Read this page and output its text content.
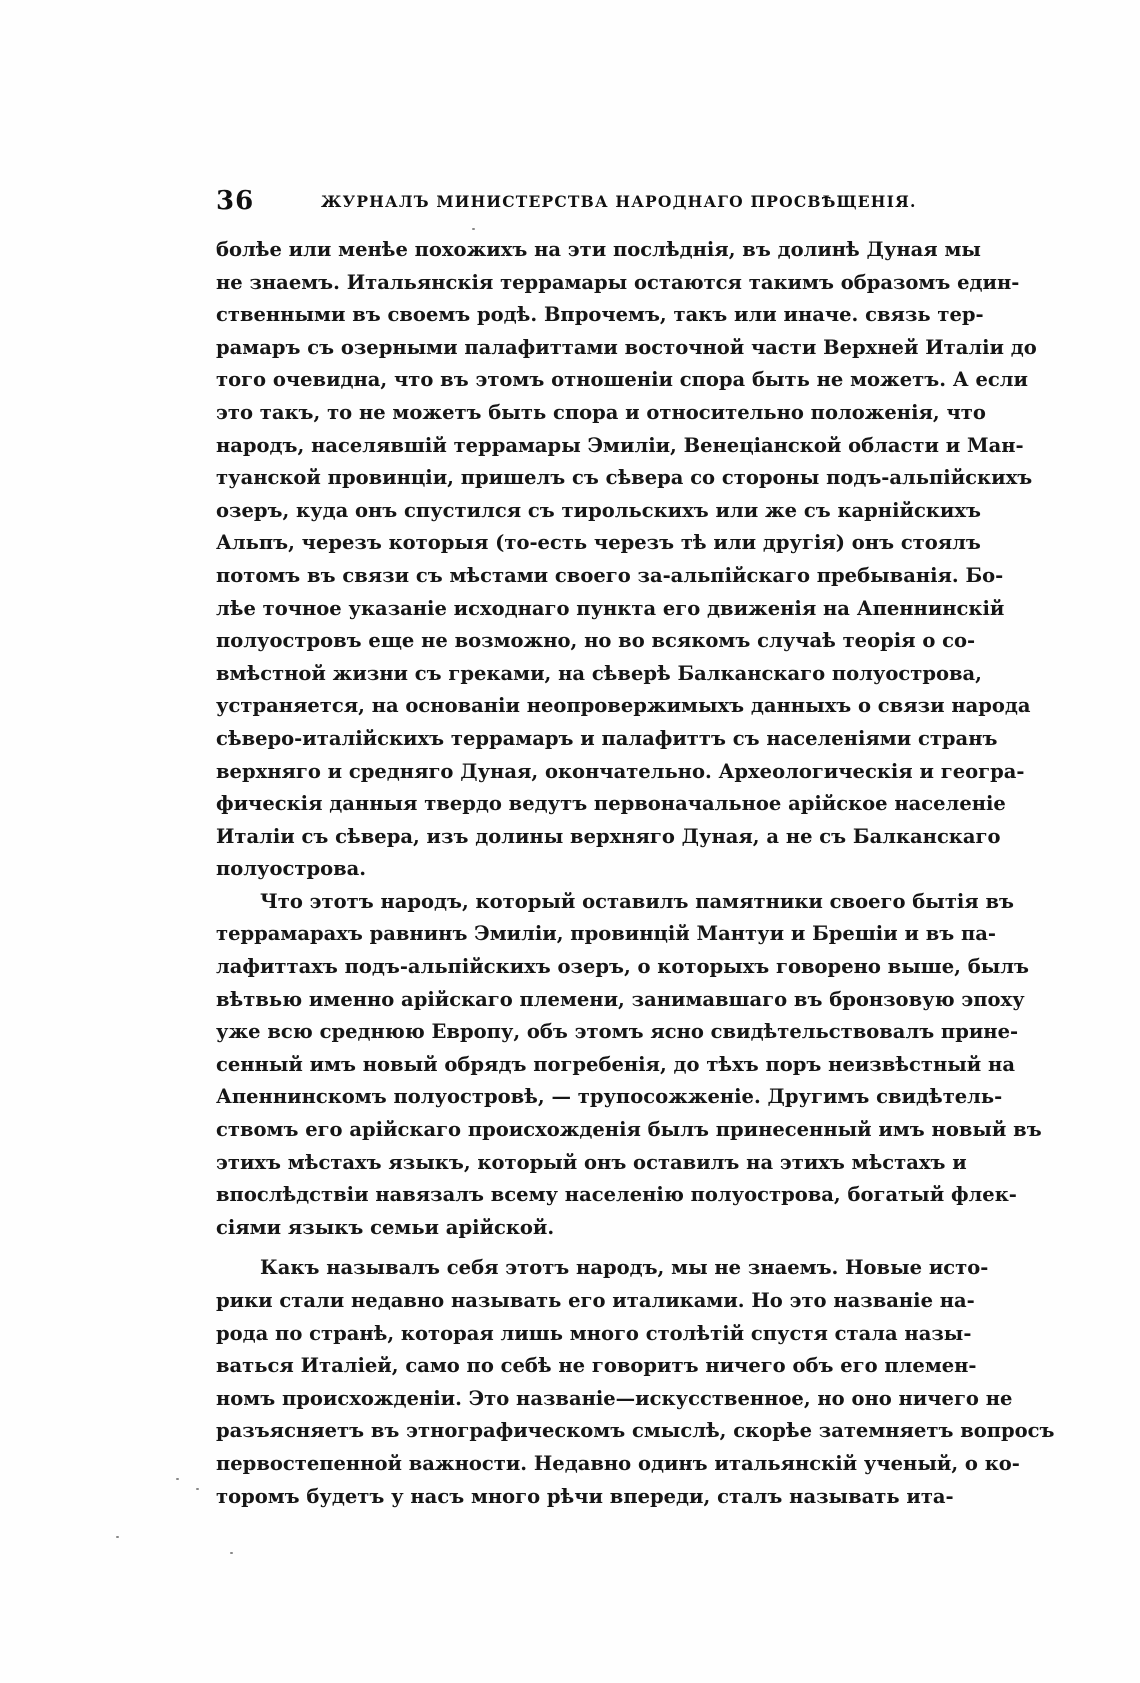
36	ЖУРНАЛЪ МИНИСТЕРСТВА НАРОДНАГО ПРОСВѢЩЕНІЯ.
болѣе или менѣе похожихъ на эти послѣднія, въ долинѣ Дуная мы
не знаемъ. Итальянскія террамары остаются такимъ образомъ един-
ственными въ своемъ родѣ. Впрочемъ, такъ или иначе. связь тер-
рамаръ съ озерными палафиттами восточной части Верхней Италіи до
того очевидна, что въ этомъ отношеніи спора быть не можетъ. А если
это такъ, то не можетъ быть спора и относительно положенія, что
народъ, населявшій террамары Эмиліи, Венеціанской области и Ман-
туанской провинціи, пришелъ съ сѣвера со стороны подъ-альпійскихъ
озеръ, куда онъ спустился съ тирольскихъ или же съ карнійскихъ
Альпъ, черезъ которыя (то-есть черезъ тѣ или другія) онъ стоялъ
потомъ въ связи съ мѣстами своего за-альпійскаго пребыванія. Бо-
лѣе точное указаніе исходнаго пункта его движенія на Апеннинскій
полуостровъ еще не возможно, но во всякомъ случаѣ теорія о со-
вмѣстной жизни съ греками, на сѣверѣ Балканскаго полуострова,
устраняется, на основаніи неопровержимыхъ данныхъ о связи народа
сѣверо-италійскихъ террамаръ и палафиттъ съ населеніями странъ
верхняго и средняго Дуная, окончательно. Археологическія и геогра-
фическія данныя твердо ведутъ первоначальное арійское населеніе
Италіи съ сѣвера, изъ долины верхняго Дуная, а не съ Балканскаго
полуострова.
Что этотъ народъ, который оставилъ памятники своего бытія въ
террамарахъ равнинъ Эмиліи, провинцій Мантуи и Брешіи и въ па-
лафиттахъ подъ-альпійскихъ озеръ, о которыхъ говорено выше, былъ
вѣтвью именно арійскаго племени, занимавшаго въ бронзовую эпоху
уже всю среднюю Европу, объ этомъ ясно свидѣтельствовалъ прине-
сенный имъ новый обрядъ погребенія, до тѣхъ поръ неизвѣстный на
Апеннинскомъ полуостровѣ, — трупосожженіе. Другимъ свидѣтель-
ствомъ его арійскаго происхожденія былъ принесенный имъ новый въ
этихъ мѣстахъ языкъ, который онъ оставилъ на этихъ мѣстахъ и
впослѣдствіи навязалъ всему населенію полуострова, богатый флек-
сіями языкъ семьи арійской.
Какъ называлъ себя этотъ народъ, мы не знаемъ. Новые исто-
рики стали недавно называть его италиками. Но это названіе на-
рода по странѣ, которая лишь много столѣтій спустя стала назы-
ваться Италіей, само по себѣ не говоритъ ничего объ его племен-
номъ происхожденіи. Это названіе—искусственное, но оно ничего не
разъясняетъ въ этнографическомъ смыслѣ, скорѣе затемняетъ вопросъ
первостепенной важности. Недавно одинъ итальянскій ученый, о ко-
торомъ будетъ у насъ много рѣчи впереди, сталъ называть ита-
